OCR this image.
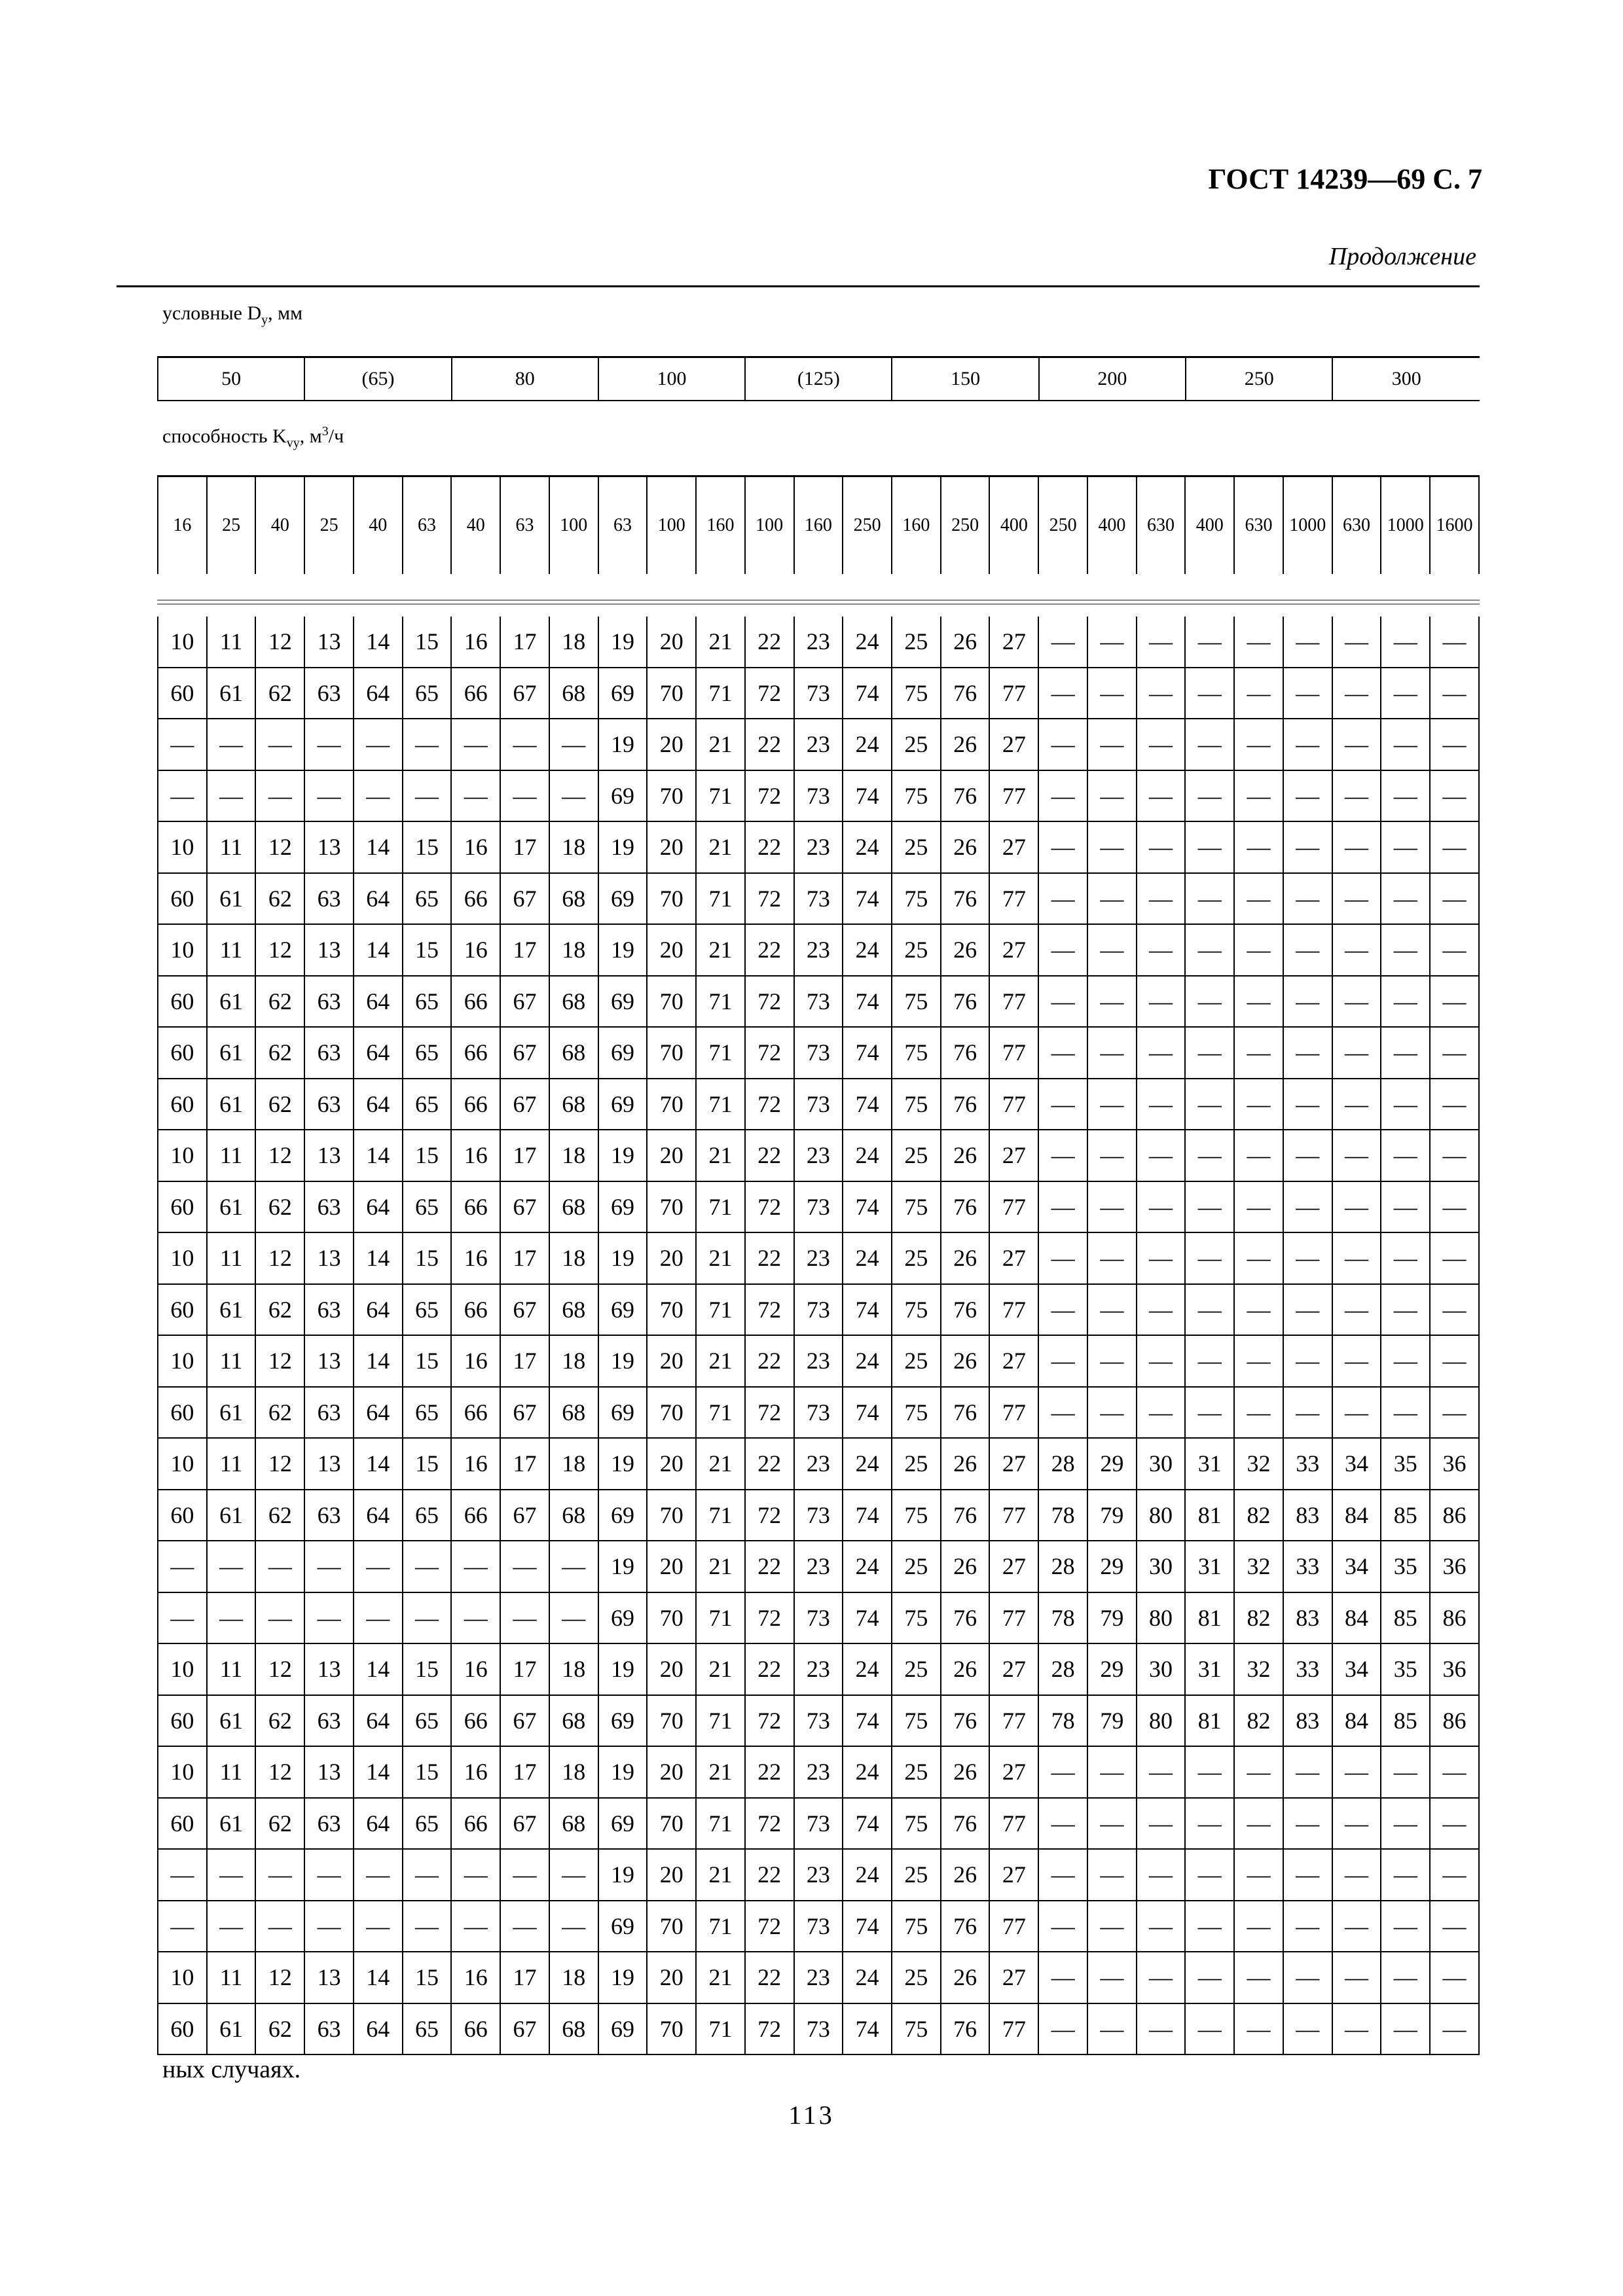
ГОСТ 14239—69 С. 7
Продолжение
условные $D_у$, мм
50	(65)	80	100	(125)	150	200	250	300
способность $K_{vy}$, $м^3/ч$
16	25	40	25	40	63	40	63	100	63	100	160	100	160	250	160	250	400	250	400	630	400	630	1000	630	1000	1600
10	11	12	13	14	15	16	17	18	19	20	21	22	23	24	25	26	27	—	—	—	—	—	—	—	—	—
60	61	62	63	64	65	66	67	68	69	70	71	72	73	74	75	76	77	—	—	—	—	—	—	—	—	—
—	—	—	—	—	—	—	—	—	19	20	21	22	23	24	25	26	27	—	—	—	—	—	—	—	—	—
—	—	—	—	—	—	—	—	—	69	70	71	72	73	74	75	76	77	—	—	—	—	—	—	—	—	—
10	11	12	13	14	15	16	17	18	19	20	21	22	23	24	25	26	27	—	—	—	—	—	—	—	—	—
60	61	62	63	64	65	66	67	68	69	70	71	72	73	74	75	76	77	—	—	—	—	—	—	—	—	—
10	11	12	13	14	15	16	17	18	19	20	21	22	23	24	25	26	27	—	—	—	—	—	—	—	—	—
60	61	62	63	64	65	66	67	68	69	70	71	72	73	74	75	76	77	—	—	—	—	—	—	—	—	—
60	61	62	63	64	65	66	67	68	69	70	71	72	73	74	75	76	77	—	—	—	—	—	—	—	—	—
60	61	62	63	64	65	66	67	68	69	70	71	72	73	74	75	76	77	—	—	—	—	—	—	—	—	—
10	11	12	13	14	15	16	17	18	19	20	21	22	23	24	25	26	27	—	—	—	—	—	—	—	—	—
60	61	62	63	64	65	66	67	68	69	70	71	72	73	74	75	76	77	—	—	—	—	—	—	—	—	—
10	11	12	13	14	15	16	17	18	19	20	21	22	23	24	25	26	27	—	—	—	—	—	—	—	—	—
60	61	62	63	64	65	66	67	68	69	70	71	72	73	74	75	76	77	—	—	—	—	—	—	—	—	—
10	11	12	13	14	15	16	17	18	19	20	21	22	23	24	25	26	27	—	—	—	—	—	—	—	—	—
60	61	62	63	64	65	66	67	68	69	70	71	72	73	74	75	76	77	—	—	—	—	—	—	—	—	—
10	11	12	13	14	15	16	17	18	19	20	21	22	23	24	25	26	27	28	29	30	31	32	33	34	35	36
60	61	62	63	64	65	66	67	68	69	70	71	72	73	74	75	76	77	78	79	80	81	82	83	84	85	86
—	—	—	—	—	—	—	—	—	19	20	21	22	23	24	25	26	27	28	29	30	31	32	33	34	35	36
—	—	—	—	—	—	—	—	—	69	70	71	72	73	74	75	76	77	78	79	80	81	82	83	84	85	86
10	11	12	13	14	15	16	17	18	19	20	21	22	23	24	25	26	27	28	29	30	31	32	33	34	35	36
60	61	62	63	64	65	66	67	68	69	70	71	72	73	74	75	76	77	78	79	80	81	82	83	84	85	86
10	11	12	13	14	15	16	17	18	19	20	21	22	23	24	25	26	27	—	—	—	—	—	—	—	—	—
60	61	62	63	64	65	66	67	68	69	70	71	72	73	74	75	76	77	—	—	—	—	—	—	—	—	—
—	—	—	—	—	—	—	—	—	19	20	21	22	23	24	25	26	27	—	—	—	—	—	—	—	—	—
—	—	—	—	—	—	—	—	—	69	70	71	72	73	74	75	76	77	—	—	—	—	—	—	—	—	—
10	11	12	13	14	15	16	17	18	19	20	21	22	23	24	25	26	27	—	—	—	—	—	—	—	—	—
60	61	62	63	64	65	66	67	68	69	70	71	72	73	74	75	76	77	—	—	—	—	—	—	—	—	—
ных случаях.
113
